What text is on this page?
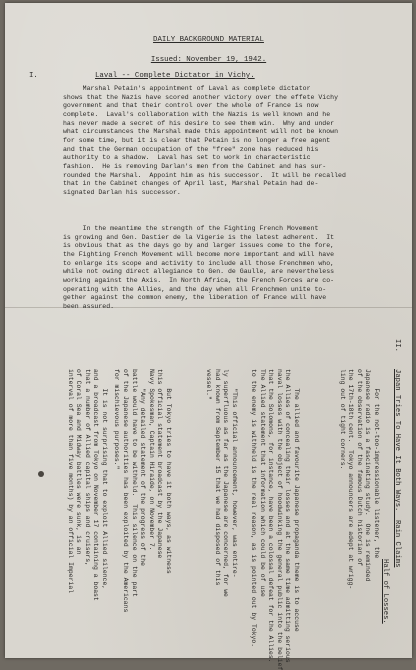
DAILY BACKGROUND MATERIAL
Issued: November 19, 1942.
I.	Laval -- Complete Dictator in Vichy.
Marshal Petain's appointment of Laval as complete dictator
shows that the Nazis have scored another victory over the effete Vichy
government and that their control over the whole of France is now
complete.  Laval's collaboration with the Nazis is well known and he
has never made a secret of his desire to see them win.  Why and under
what circumstances the Marshal made this appointment will not be known
for some time, but it is clear that Petain is no longer a free agent
and that the German occupation of the "free" zone has reduced his
authority to a shadow.  Laval has set to work in characteristic
fashion.  He is removing Darlan's men from the Cabinet and has sur-
rounded the Marshal.  Appoint him as his successor.  It will be recalled
that in the Cabinet changes of April last, Marshal Petain had de-
signated Darlan his successor.
In the meantime the strength of the Fighting French Movement
is growing and Gen. Dastier de la Vigerie is the latest adherent.  It
is obvious that as the days go by and larger issues come to the fore,
the Fighting French Movement will become more important and will have
to enlarge its scope and activity to include all those Frenchmen who,
while not owing direct allegiance to Gen. de Gaulle, are nevertheless
working against the Axis.  In North Africa, the French Forces are co-
operating with the Allies, and the day when all Frenchmen unite to-
gether against the common enemy, the liberation of France will have
been assured.
II.
Japan Tries To Have It Both Ways.  Rain Claims
Half of Losses.
For the not-too-impressionable listener, the
Japanese radio is a fascinating study.  One is reminded
of the observation of the famous Dutch historian of
the 17th-18th cent.  Tokyo announcers are adept at wrigg-
ling out of tight corners.
The allied and favourite Japanese propaganda theme is to accuse
the Allies of concealing their losses and at the same time admitting serious
naval losses with the object of hoodwinking the general public into the belief
that the Solomons, for instance, have been a colossal defeat for the Allies.
The Allied statement that information which could be of use
to the enemy is withheld is the real reason, as is pointed out by Tokyo.
"This official announcement, however, was entire-
ly superfluous as far as the Japanese are concerned, for we
had known from September 15 that we had disposed of this
vessel."
But Tokyo tries to have it both ways, as witness
this official statement broadcast by the Japanese
Navy Spokesman, Captain Hiraide, on November 7.
"Any detailed statement of the progress of the
battle would have to be withheld.  This silence on the part
of the Japanese authorities has been exploited by the Americans
for mischievous purposes."
It is not surprising that to exploit Allied silence,
and a broadcast from Tokyo on November 17 containing a boast
that a number of Allied capital ships and cruisers,
of Coral Sea and Midway battles were sunk, is an
interval of more than five months) by an official Imperial
